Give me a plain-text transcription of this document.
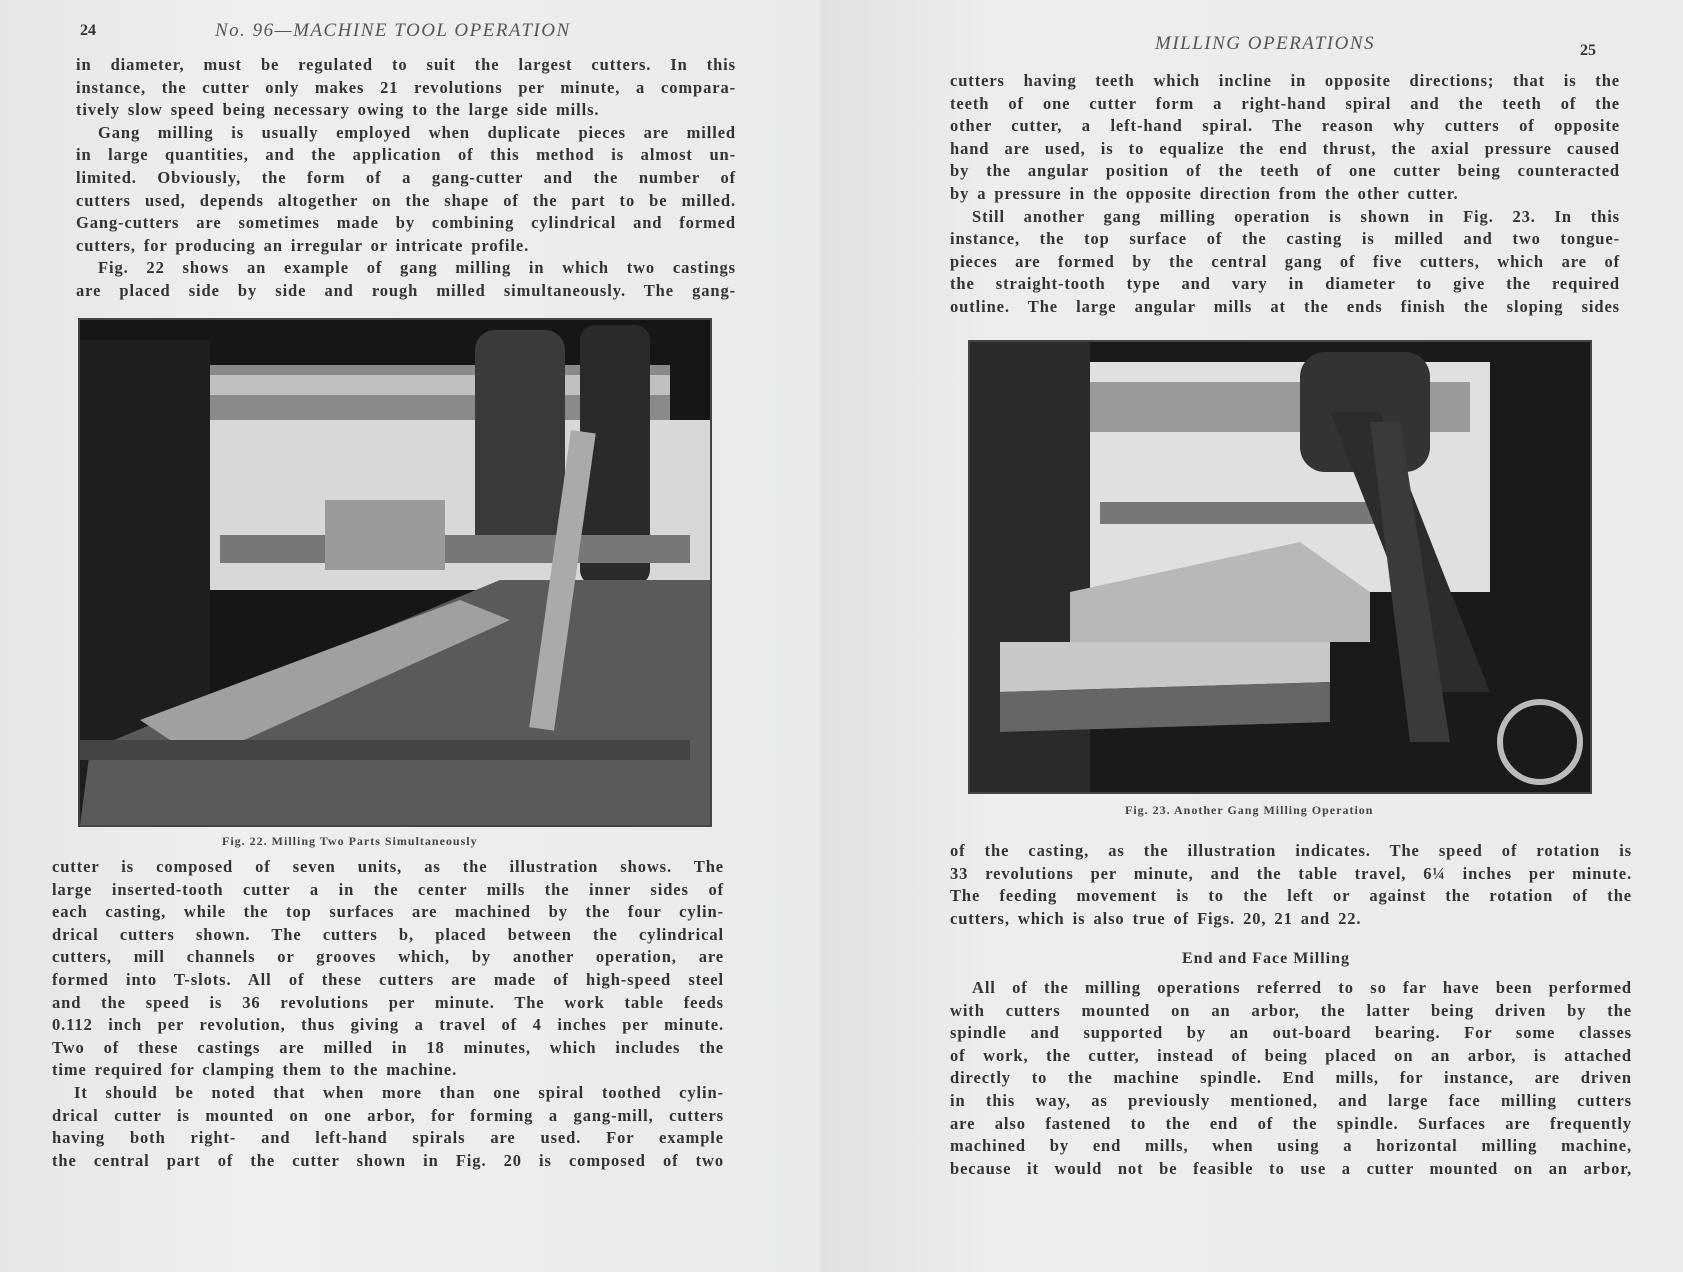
24	No. 96—MACHINE TOOL OPERATION
in diameter, must be regulated to suit the largest cutters. In this
instance, the cutter only makes 21 revolutions per minute, a compara-
tively slow speed being necessary owing to the large side mills.
Gang milling is usually employed when duplicate pieces are milled
in large quantities, and the application of this method is almost un-
limited. Obviously, the form of a gang-cutter and the number of
cutters used, depends altogether on the shape of the part to be milled.
Gang-cutters are sometimes made by combining cylindrical and formed
cutters, for producing an irregular or intricate profile.
Fig. 22 shows an example of gang milling in which two castings
are placed side by side and rough milled simultaneously. The gang-
Fig. 22. Milling Two Parts Simultaneously
cutter is composed of seven units, as the illustration shows. The
large inserted-tooth cutter a in the center mills the inner sides of
each casting, while the top surfaces are machined by the four cylin-
drical cutters shown. The cutters b, placed between the cylindrical
cutters, mill channels or grooves which, by another operation, are
formed into T-slots. All of these cutters are made of high-speed steel
and the speed is 36 revolutions per minute. The work table feeds
0.112 inch per revolution, thus giving a travel of 4 inches per minute.
Two of these castings are milled in 18 minutes, which includes the
time required for clamping them to the machine.
It should be noted that when more than one spiral toothed cylin-
drical cutter is mounted on one arbor, for forming a gang-mill, cutters
having both right- and left-hand spirals are used. For example
the central part of the cutter shown in Fig. 20 is composed of two
MILLING OPERATIONS	25
cutters having teeth which incline in opposite directions; that is the
teeth of one cutter form a right-hand spiral and the teeth of the
other cutter, a left-hand spiral. The reason why cutters of opposite
hand are used, is to equalize the end thrust, the axial pressure caused
by the angular position of the teeth of one cutter being counteracted
by a pressure in the opposite direction from the other cutter.
Still another gang milling operation is shown in Fig. 23. In this
instance, the top surface of the casting is milled and two tongue-
pieces are formed by the central gang of five cutters, which are of
the straight-tooth type and vary in diameter to give the required
outline. The large angular mills at the ends finish the sloping sides
Fig. 23. Another Gang Milling Operation
of the casting, as the illustration indicates. The speed of rotation is
33 revolutions per minute, and the table travel, 6¼ inches per minute.
The feeding movement is to the left or against the rotation of the
cutters, which is also true of Figs. 20, 21 and 22.
End and Face Milling
All of the milling operations referred to so far have been performed
with cutters mounted on an arbor, the latter being driven by the
spindle and supported by an out-board bearing. For some classes
of work, the cutter, instead of being placed on an arbor, is attached
directly to the machine spindle. End mills, for instance, are driven
in this way, as previously mentioned, and large face milling cutters
are also fastened to the end of the spindle. Surfaces are frequently
machined by end mills, when using a horizontal milling machine,
because it would not be feasible to use a cutter mounted on an arbor,
